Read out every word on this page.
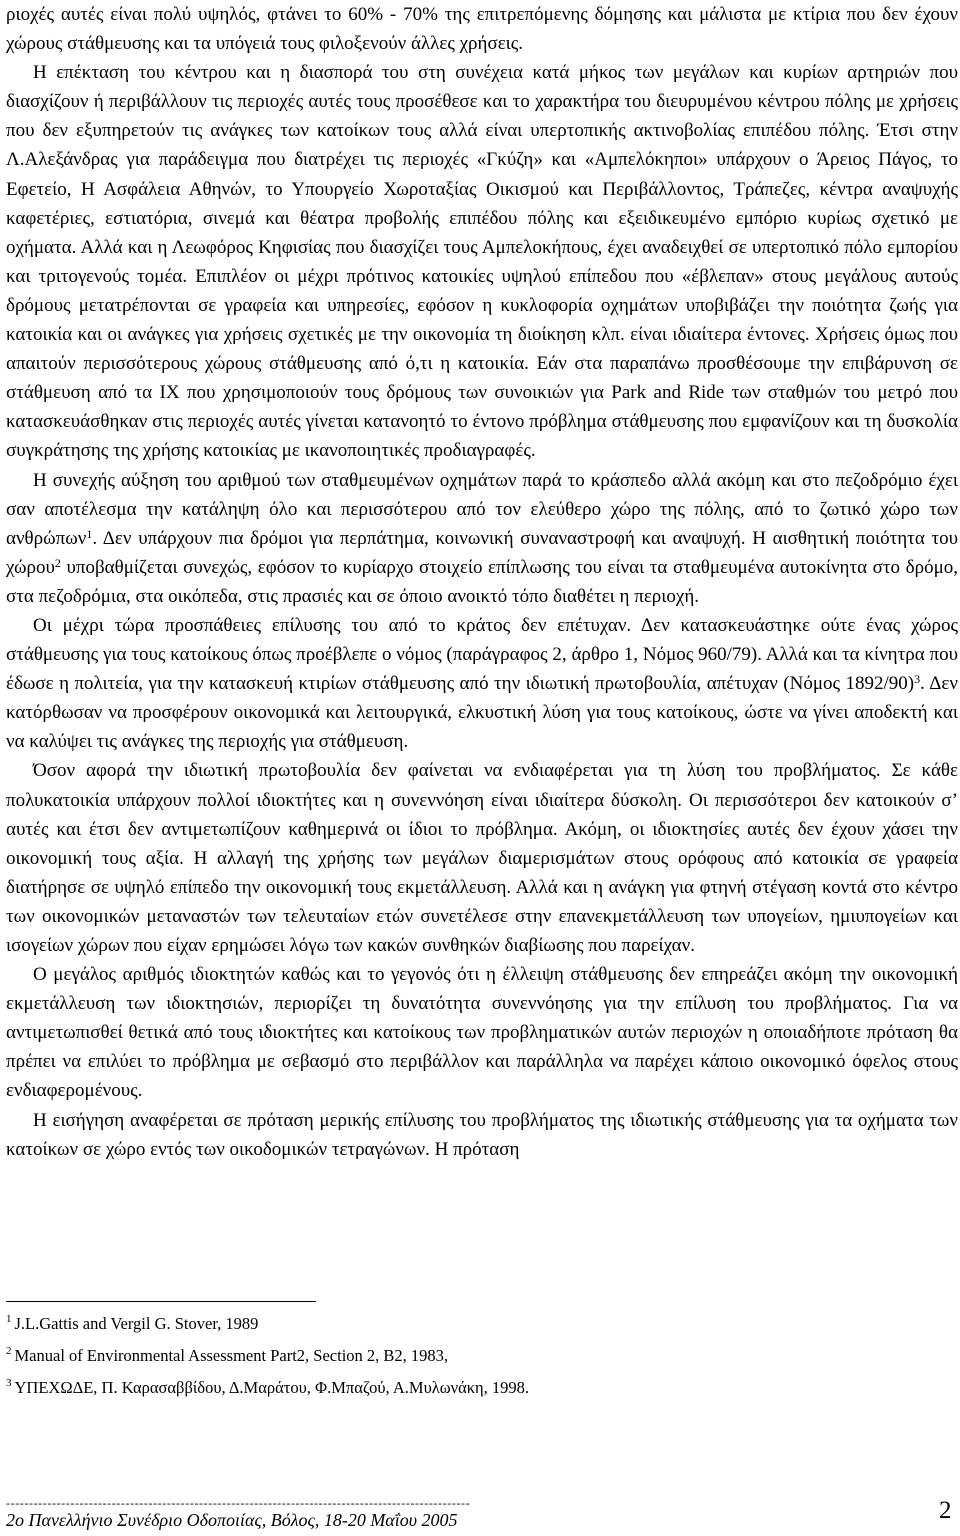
ριοχές αυτές είναι πολύ υψηλός, φτάνει το 60% - 70% της επιτρεπόμενης δόμησης και μάλιστα με κτίρια που δεν έχουν χώρους στάθμευσης και τα υπόγειά τους φιλοξενούν άλλες χρήσεις.

Η επέκταση του κέντρου και η διασπορά του στη συνέχεια κατά μήκος των μεγάλων και κυρίων αρτηριών που διασχίζουν ή περιβάλλουν τις περιοχές αυτές τους προσέθεσε και το χαρακτήρα του διευρυμένου κέντρου πόλης με χρήσεις που δεν εξυπηρετούν τις ανάγκες των κατοίκων τους αλλά είναι υπερτοπικής ακτινοβολίας επιπέδου πόλης. Έτσι στην Λ.Αλεξάνδρας για παράδειγμα που διατρέχει τις περιοχές «Γκύζη» και «Αμπελόκηποι» υπάρχουν ο Άρειος Πάγος, το Εφετείο, Η Ασφάλεια Αθηνών, το Υπουργείο Χωροταξίας Οικισμού και Περιβάλλοντος, Τράπεζες, κέντρα αναψυχής καφετέριες, εστιατόρια, σινεμά και θέατρα προβολής επιπέδου πόλης και εξειδικευμένο εμπόριο κυρίως σχετικό με οχήματα. Αλλά και η Λεωφόρος Κηφισίας που διασχίζει τους Αμπελοκήπους, έχει αναδειχθεί σε υπερτοπικό πόλο εμπορίου και τριτογενούς τομέα. Επιπλέον οι μέχρι πρότινος κατοικίες υψηλού επίπεδου που «έβλεπαν» στους μεγάλους αυτούς δρόμους μετατρέπονται σε γραφεία και υπηρεσίες, εφόσον η κυκλοφορία οχημάτων υποβιβάζει την ποιότητα ζωής για κατοικία και οι ανάγκες για χρήσεις σχετικές με την οικονομία τη διοίκηση κλπ. είναι ιδιαίτερα έντονες. Χρήσεις όμως που απαιτούν περισσότερους χώρους στάθμευσης από ό,τι η κατοικία. Εάν στα παραπάνω προσθέσουμε την επιβάρυνση σε στάθμευση από τα ΙΧ που χρησιμοποιούν τους δρόμους των συνοικιών για Park and Ride των σταθμών του μετρό που κατασκευάσθηκαν στις περιοχές αυτές γίνεται κατανοητό το έντονο πρόβλημα στάθμευσης που εμφανίζουν και τη δυσκολία συγκράτησης της χρήσης κατοικίας με ικανοποιητικές προδιαγραφές.

Η συνεχής αύξηση του αριθμού των σταθμευμένων οχημάτων παρά το κράσπεδο αλλά ακόμη και στο πεζοδρόμιο έχει σαν αποτέλεσμα την κατάληψη όλο και περισσότερου από τον ελεύθερο χώρο της πόλης, από το ζωτικό χώρο των ανθρώπων$^1$. Δεν υπάρχουν πια δρόμοι για περπάτημα, κοινωνική συναναστροφή και αναψυχή. Η αισθητική ποιότητα του χώρου$^2$ υποβαθμίζεται συνεχώς, εφόσον το κυρίαρχο στοιχείο επίπλωσης του είναι τα σταθμευμένα αυτοκίνητα στο δρόμο, στα πεζοδρόμια, στα οικόπεδα, στις πρασιές και σε όποιο ανοικτό τόπο διαθέτει η περιοχή.

Οι μέχρι τώρα προσπάθειες επίλυσης του από το κράτος δεν επέτυχαν. Δεν κατασκευάστηκε ούτε ένας χώρος στάθμευσης για τους κατοίκους όπως προέβλεπε ο νόμος (παράγραφος 2, άρθρο 1, Νόμος 960/79). Αλλά και τα κίνητρα που έδωσε η πολιτεία, για την κατασκευή κτιρίων στάθμευσης από την ιδιωτική πρωτοβουλία, απέτυχαν (Νόμος 1892/90)$^3$. Δεν κατόρθωσαν να προσφέρουν οικονομικά και λειτουργικά, ελκυστική λύση για τους κατοίκους, ώστε να γίνει αποδεκτή και να καλύψει τις ανάγκες της περιοχής για στάθμευση.

Όσον αφορά την ιδιωτική πρωτοβουλία δεν φαίνεται να ενδιαφέρεται για τη λύση του προβλήματος. Σε κάθε πολυκατοικία υπάρχουν πολλοί ιδιοκτήτες και η συνεννόηση είναι ιδιαίτερα δύσκολη. Οι περισσότεροι δεν κατοικούν σ’ αυτές και έτσι δεν αντιμετωπίζουν καθημερινά οι ίδιοι το πρόβλημα. Ακόμη, οι ιδιοκτησίες αυτές δεν έχουν χάσει την οικονομική τους αξία. Η αλλαγή της χρήσης των μεγάλων διαμερισμάτων στους ορόφους από κατοικία σε γραφεία διατήρησε σε υψηλό επίπεδο την οικονομική τους εκμετάλλευση. Αλλά και η ανάγκη για φτηνή στέγαση κοντά στο κέντρο των οικονομικών μεταναστών των τελευταίων ετών συνετέλεσε στην επανεκμετάλλευση των υπογείων, ημιυπογείων και ισογείων χώρων που είχαν ερημώσει λόγω των κακών συνθηκών διαβίωσης που παρείχαν.

Ο μεγάλος αριθμός ιδιοκτητών καθώς και το γεγονός ότι η έλλειψη στάθμευσης δεν επηρεάζει ακόμη την οικονομική εκμετάλλευση των ιδιοκτησιών, περιορίζει τη δυνατότητα συνεννόησης για την επίλυση του προβλήματος. Για να αντιμετωπισθεί θετικά από τους ιδιοκτήτες και κατοίκους των προβληματικών αυτών περιοχών η οποιαδήποτε πρόταση θα πρέπει να επιλύει το πρόβλημα με σεβασμό στο περιβάλλον και παράλληλα να παρέχει κάποιο οικονομικό όφελος στους ενδιαφερομένους.

Η εισήγηση αναφέρεται σε πρόταση μερικής επίλυσης του προβλήματος της ιδιωτικής στάθμευσης για τα οχήματα των κατοίκων σε χώρο εντός των οικοδομικών τετραγώνων. Η πρόταση

$^1$ J.L.Gattis and Vergil G. Stover, 1989
$^2$ Manual of Environmental Assessment Part2, Section 2, B2, 1983,
$^3$ ΥΠΕΧΩΔΕ, Π. Καρασαββίδου, Δ.Μαράτου, Φ.Μπαζού, Α.Μυλωνάκη, 1998.
-----------------------------------------------------------------------------------------------------
2ο Πανελλήνιο Συνέδριο Οδοποιίας, Βόλος, 18-20 Μαΐου 2005	2
